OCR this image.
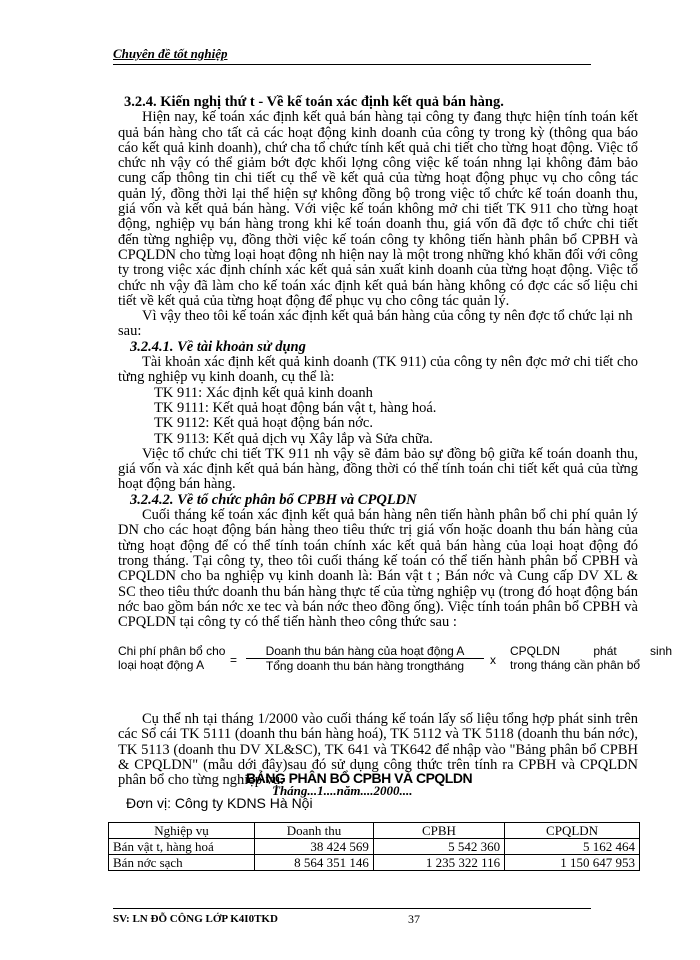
Chuyên đề tốt nghiệp

3.2.4. Kiến nghị thứ t - Về kế toán xác định kết quả bán hàng.

Hiện nay, kế toán xác định kết quả bán hàng tại công ty đang thực hiện tính toán kết quả bán hàng cho tất cả các hoạt động kinh doanh của công ty trong kỳ (thông qua báo cáo kết quả kinh doanh), chứ cha tổ chức tính kết quả chi tiết cho từng hoạt động. Việc tổ chức nh vậy có thể giảm bớt đợc khối lợng công việc kế toán nhng lại không đảm bảo cung cấp thông tin chi tiết cụ thể về kết quả của từng hoạt động phục vụ cho công tác quản lý, đồng thời lại thể hiện sự không đồng bộ trong việc tổ chức kế toán doanh thu, giá vốn và kết quả bán hàng. Với việc kế toán không mở chi tiết TK 911 cho từng hoạt động, nghiệp vụ bán hàng trong khi kế toán doanh thu, giá vốn đã đợc tổ chức chi tiết đến từng nghiệp vụ, đồng thời việc kế toán công ty không tiến hành phân bổ CPBH và CPQLDN cho từng loại hoạt động nh hiện nay là một trong những khó khăn đối với công ty trong việc xác định chính xác kết quả sản xuất kinh doanh của từng hoạt động. Việc tổ chức nh vậy đã làm cho kế toán xác định kết quả bán hàng không có đợc các số liệu chi tiết về kết quả của từng hoạt động để phục vụ cho công tác quản lý.

Vì vậy theo tôi kế toán xác định kết quả bán hàng của công ty nên đợc tổ chức lại nh sau:

3.2.4.1. Về tài khoản sử dụng

Tài khoản xác định kết quả kinh doanh (TK 911) của công ty nên đợc mở chi tiết cho từng nghiệp vụ kinh doanh, cụ thể là:

TK 911: Xác định kết quả kinh doanh

TK 9111: Kết quả hoạt động bán vật t, hàng hoá.

TK 9112: Kết quả hoạt động bán nớc.

TK 9113: Kết quả dịch vụ Xây lắp và Sửa chữa.

Việc tổ chức chi tiết TK 911 nh vậy sẽ đảm bảo sự đồng bộ giữa kế toán doanh thu, giá vốn và xác định kết quả bán hàng, đồng thời có thể tính toán chi tiết kết quả của từng hoạt động bán hàng.

3.2.4.2. Về tổ chức phân bổ CPBH và CPQLDN

Cuối tháng kế toán xác định kết quả bán hàng nên tiến hành phân bổ chi phí quản lý DN cho các hoạt động bán hàng theo tiêu thức trị giá vốn hoặc doanh thu bán hàng của từng hoạt động để có thể tính toán chính xác kết quả bán hàng của loại hoạt động đó trong tháng. Tại công ty, theo tôi cuối tháng kế toán có thể tiến hành phân bổ CPBH và CPQLDN cho ba nghiệp vụ kinh doanh là: Bán vật t ; Bán nớc và Cung cấp DV XL & SC theo tiêu thức doanh thu bán hàng thực tế của từng nghiệp vụ (trong đó hoạt động bán nớc bao gồm bán nớc xe tec và bán nớc theo đồng ống). Việc tính toán phân bổ CPBH và CPQLDN tại công ty có thể tiến hành theo công thức sau :

Chi phí phân bổ cho
loại hoạt động A	=
Doanh thu bán hàng của hoạt động A
Tổng doanh thu bán hàng trongtháng	x
CPQLDN          phát          sinh
trong tháng cần phân bổ

Cụ thể nh tại tháng 1/2000 vào cuối tháng kế toán lấy số liệu tổng hợp phát sinh trên các Sổ cái TK 5111 (doanh thu bán hàng hoá), TK 5112 và TK 5118 (doanh thu bán nớc), TK 5113 (doanh thu DV XL&SC), TK 641 và TK642 để nhập vào "Bảng phân bổ CPBH & CPQLDN" (mẫu dới đây)sau đó sử dụng công thức trên tính ra CPBH và CPQLDN phân bổ cho từng nghiệp vụ.

BẢNG PHÂN BỔ CPBH VÀ CPQLDN
Tháng...1....năm....2000....
Đơn vị: Công ty KDNS Hà Nội
Nghiệp vụ	Doanh thu	CPBH	CPQLDN
Bán vật t, hàng hoá	38 424 569	5 542 360	5 162 464
Bán nớc sạch	8 564 351 146	1 235 322 116	1 150 647 953
SV: LN ĐỖ CÔNG LỚP K4I0TKD	37
